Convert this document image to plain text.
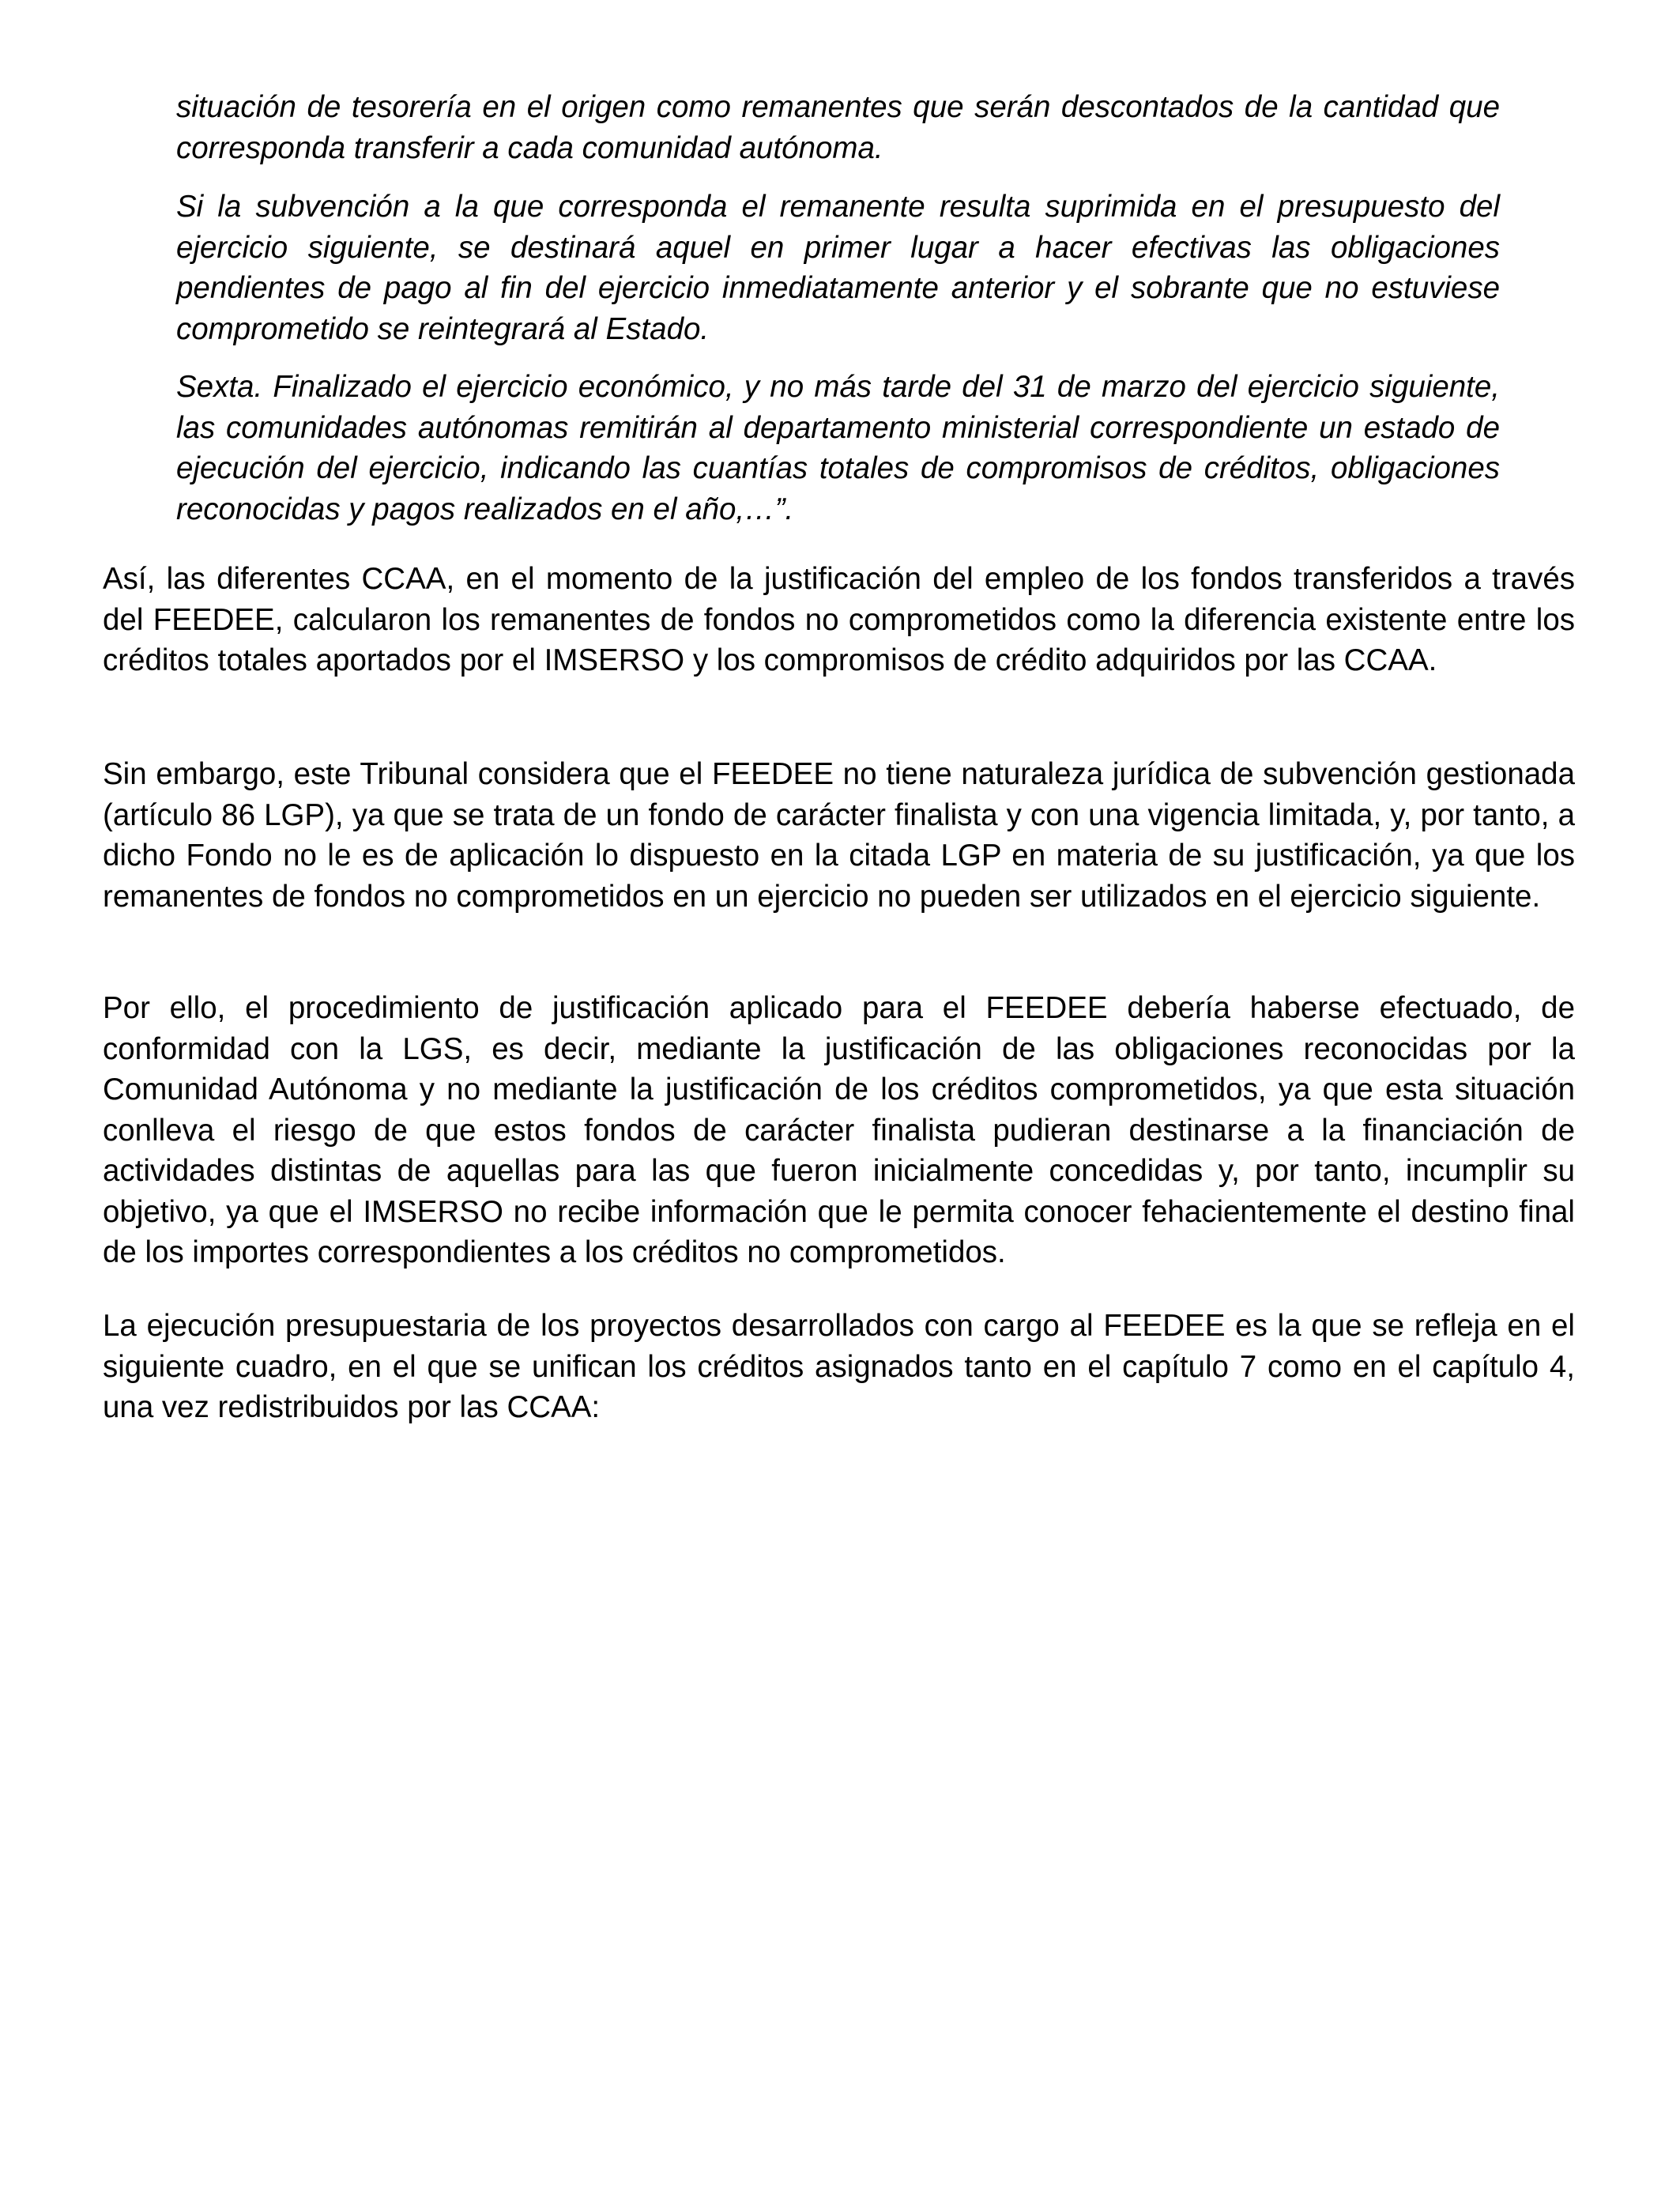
situación de tesorería en el origen como remanentes que serán descontados de la cantidad que corresponda transferir a cada comunidad autónoma.

Si la subvención a la que corresponda el remanente resulta suprimida en el presupuesto del ejercicio siguiente, se destinará aquel en primer lugar a hacer efectivas las obligaciones pendientes de pago al fin del ejercicio inmediatamente anterior y el sobrante que no estuviese comprometido se reintegrará al Estado.

Sexta. Finalizado el ejercicio económico, y no más tarde del 31 de marzo del ejercicio siguiente, las comunidades autónomas remitirán al departamento ministerial correspondiente un estado de ejecución del ejercicio, indicando las cuantías totales de compromisos de créditos, obligaciones reconocidas y pagos realizados en el año,…”.

Así, las diferentes CCAA, en el momento de la justificación del empleo de los fondos transferidos a través del FEEDEE, calcularon los remanentes de fondos no comprometidos como la diferencia existente entre los créditos totales aportados por el IMSERSO y los compromisos de crédito adquiridos por las CCAA.

Sin embargo, este Tribunal considera que el FEEDEE no tiene naturaleza jurídica de subvención gestionada (artículo 86 LGP), ya que se trata de un fondo de carácter finalista y con una vigencia limitada, y, por tanto, a dicho Fondo no le es de aplicación lo dispuesto en la citada LGP en materia de su justificación, ya que los remanentes de fondos no comprometidos en un ejercicio no pueden ser utilizados en el ejercicio siguiente.

Por ello, el procedimiento de justificación aplicado para el FEEDEE debería haberse efectuado, de conformidad con la LGS, es decir, mediante la justificación de las obligaciones reconocidas por la Comunidad Autónoma y no mediante la justificación de los créditos comprometidos, ya que esta situación conlleva el riesgo de que estos fondos de carácter finalista pudieran destinarse a la financiación de actividades distintas de aquellas para las que fueron inicialmente concedidas y, por tanto, incumplir su objetivo, ya que el IMSERSO no recibe información que le permita conocer fehacientemente el destino final de los importes correspondientes a los créditos no comprometidos.

La ejecución presupuestaria de los proyectos desarrollados con cargo al FEEDEE es la que se refleja en el siguiente cuadro, en el que se unifican los créditos asignados tanto en el capítulo 7 como en el capítulo 4, una vez redistribuidos por las CCAA:
